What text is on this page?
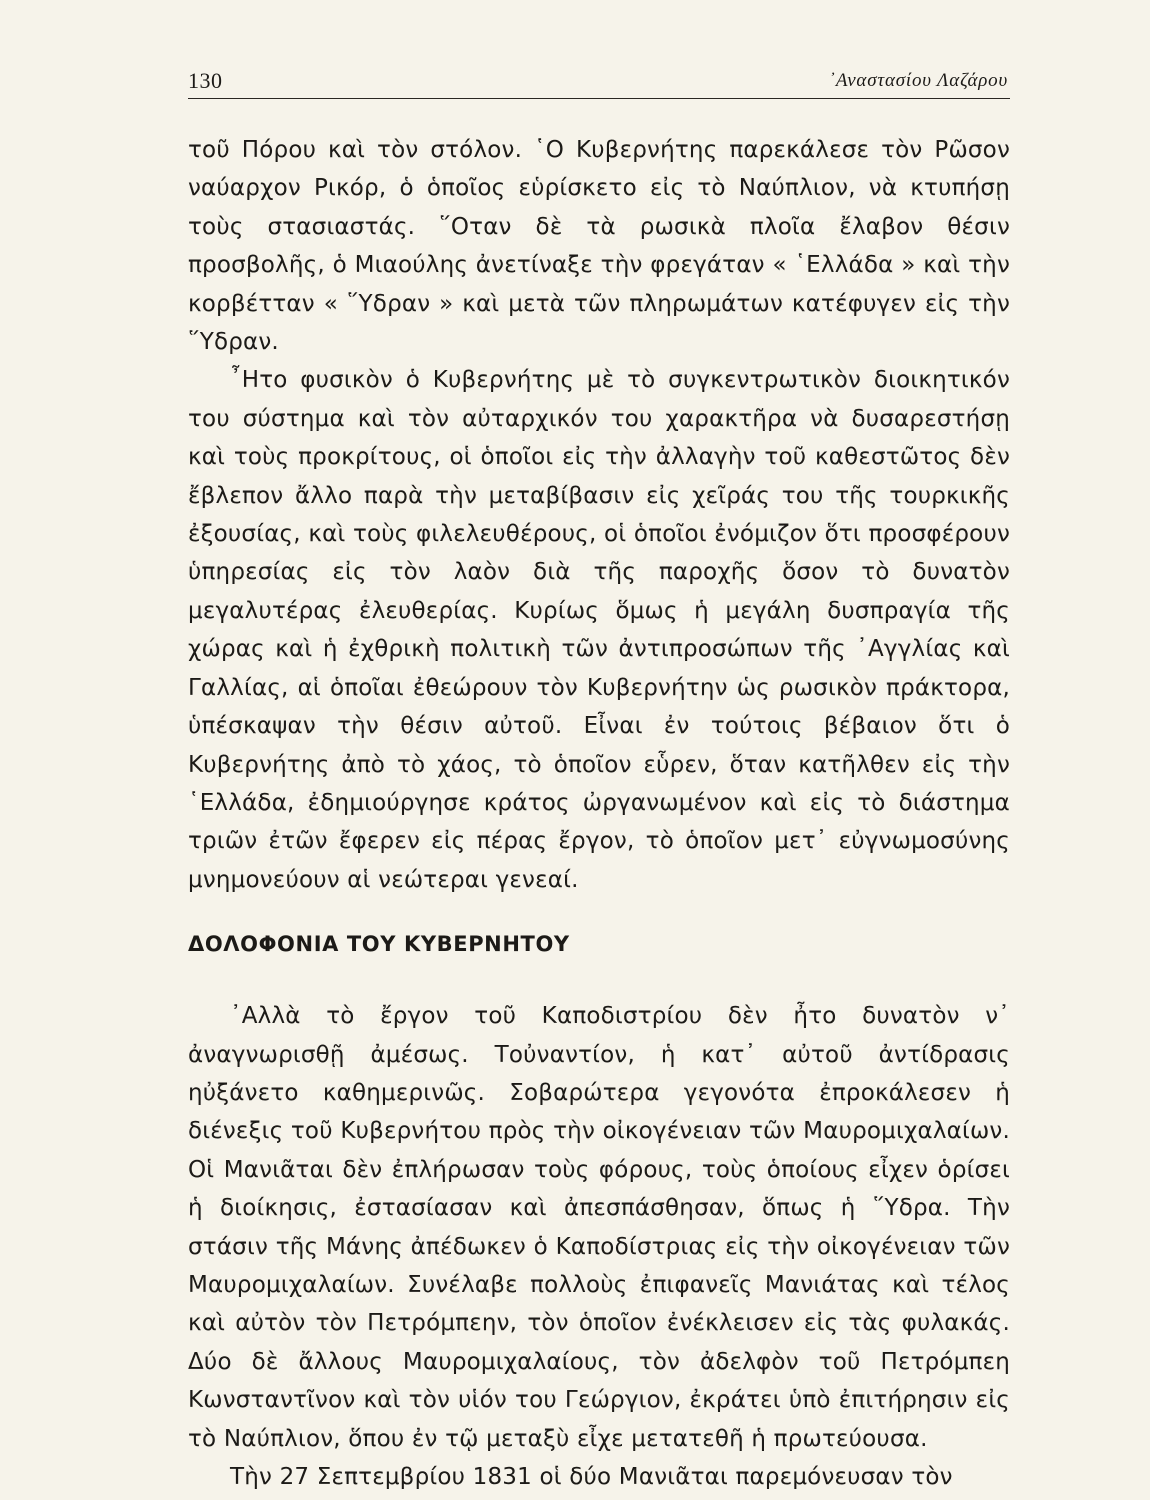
130	᾿Αναστασίου Λαζάρου

τοῦ Πόρου καὶ τὸν στόλον. ῾Ο Κυβερνήτης παρεκάλεσε τὸν Ρῶσον ναύαρχον Ρικόρ, ὁ ὁποῖος εὑρίσκετο εἰς τὸ Ναύπλιον, νὰ κτυπήσῃ τοὺς στασιαστάς. ῞Οταν δὲ τὰ ρωσικὰ πλοῖα ἔλαβον θέσιν προσβολῆς, ὁ Μιαούλης ἀνετίναξε τὴν φρεγάταν « ῾Ελλάδα » καὶ τὴν κορβέτταν « ῞Υδραν » καὶ μετὰ τῶν πληρωμάτων κατέφυγεν εἰς τὴν ῞Υδραν.

῏Ητο φυσικὸν ὁ Κυβερνήτης μὲ τὸ συγκεντρωτικὸν διοικητικόν του σύστημα καὶ τὸν αὐταρχικόν του χαρακτῆρα νὰ δυσαρεστήσῃ καὶ τοὺς προκρίτους, οἱ ὁποῖοι εἰς τὴν ἀλλαγὴν τοῦ καθεστῶτος δὲν ἔβλεπον ἄλλο παρὰ τὴν μεταβίβασιν εἰς χεῖράς του τῆς τουρκικῆς ἐξουσίας, καὶ τοὺς φιλελευθέρους, οἱ ὁποῖοι ἐνόμιζον ὅτι προσφέρουν ὑπηρεσίας εἰς τὸν λαὸν διὰ τῆς παροχῆς ὅσον τὸ δυνατὸν μεγαλυτέρας ἐλευθερίας. Κυρίως ὅμως ἡ μεγάλη δυσπραγία τῆς χώρας καὶ ἡ ἐχθρικὴ πολιτικὴ τῶν ἀντιπροσώπων τῆς ᾿Αγγλίας καὶ Γαλλίας, αἱ ὁποῖαι ἐθεώρουν τὸν Κυβερνήτην ὡς ρωσικὸν πράκτορα, ὑπέσκαψαν τὴν θέσιν αὐτοῦ. Εἶναι ἐν τούτοις βέβαιον ὅτι ὁ Κυβερνήτης ἀπὸ τὸ χάος, τὸ ὁποῖον εὗρεν, ὅταν κατῆλθεν εἰς τὴν ῾Ελλάδα, ἐδημιούργησε κράτος ὠργανωμένον καὶ εἰς τὸ διάστημα τριῶν ἐτῶν ἔφερεν εἰς πέρας ἔργον, τὸ ὁποῖον μετ᾿ εὐγνωμοσύνης μνημονεύουν αἱ νεώτεραι γενεαί.

ΔΟΛΟΦΟΝΙΑ ΤΟΥ ΚΥΒΕΡΝΗΤΟΥ

᾿Αλλὰ τὸ ἔργον τοῦ Καποδιστρίου δὲν ἦτο δυνατὸν ν᾿ ἀναγνωρισθῇ ἀμέσως. Τοὐναντίον, ἡ κατ᾿ αὐτοῦ ἀντίδρασις ηὐξάνετο καθημερινῶς. Σοβαρώτερα γεγονότα ἐπροκάλεσεν ἡ διένεξις τοῦ Κυβερνήτου πρὸς τὴν οἰκογένειαν τῶν Μαυρομιχαλαίων. Οἱ Μανιᾶται δὲν ἐπλήρωσαν τοὺς φόρους, τοὺς ὁποίους εἶχεν ὁρίσει ἡ διοίκησις, ἐστασίασαν καὶ ἀπεσπάσθησαν, ὅπως ἡ ῞Υδρα. Τὴν στάσιν τῆς Μάνης ἀπέδωκεν ὁ Καποδίστριας εἰς τὴν οἰκογένειαν τῶν Μαυρομιχαλαίων. Συνέλαβε πολλοὺς ἐπιφανεῖς Μανιάτας καὶ τέλος καὶ αὐτὸν τὸν Πετρόμπεην, τὸν ὁποῖον ἐνέκλεισεν εἰς τὰς φυλακάς. Δύο δὲ ἄλλους Μαυρομιχαλαίους, τὸν ἀδελφὸν τοῦ Πετρόμπεη Κωνσταντῖνον καὶ τὸν υἱόν του Γεώργιον, ἐκράτει ὑπὸ ἐπιτήρησιν εἰς τὸ Ναύπλιον, ὅπου ἐν τῷ μεταξὺ εἶχε μετατεθῆ ἡ πρωτεύουσα.

Τὴν 27 Σεπτεμβρίου 1831 οἱ δύο Μανιᾶται παρεμόνευσαν τὸν
